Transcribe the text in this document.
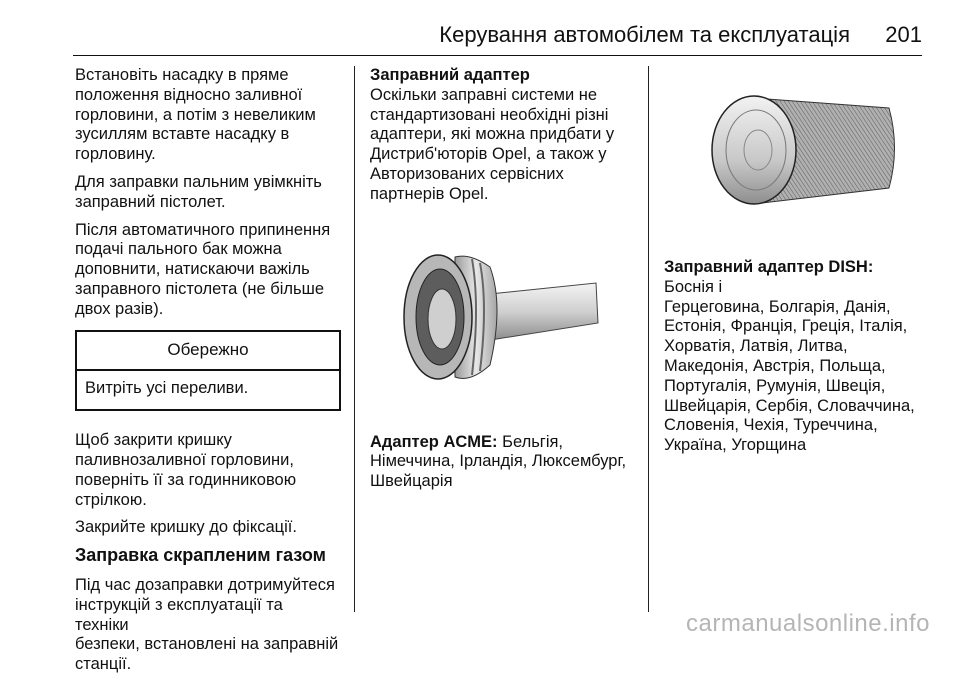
Керування автомобілем та експлуатація 201

Встановіть насадку в пряме
положення відносно заливної
горловини, а потім з невеликим
зусиллям вставте насадку в
горловину.

Для заправки пальним увімкніть
заправний пістолет.

Після автоматичного припинення
подачі пального бак можна
доповнити, натискаючи важіль
заправного пістолета (не більше
двох разів).

Обережно
Витріть усі переливи.

Щоб закрити кришку
паливнозаливної горловини,
поверніть її за годинниковою
стрілкою.

Закрийте кришку до фіксації.

Заправка скрапленим газом

Під час дозаправки дотримуйтеся
інструкцій з експлуатації та техніки
безпеки, встановлені на заправній
станції.

Заправний адаптер

Оскільки заправні системи не
стандартизовані необхідні різні
адаптери, які можна придбати у
Дистриб'юторів Opel, а також у
Авторизованих сервісних
партнерів Opel.

Адаптер ACME: Бельгія,
Німеччина, Ірландія, Люксембург,
Швейцарія

Заправний адаптер DISH: Боснія і
Герцеговина, Болгарія, Данія,
Естонія, Франція, Греція, Італія,
Хорватія, Латвія, Литва,
Македонія, Австрія, Польща,
Португалія, Румунія, Швеція,
Швейцарія, Сербія, Словаччина,
Словенія, Чехія, Туреччина,
Україна, Угорщина

carmanualsonline.info
